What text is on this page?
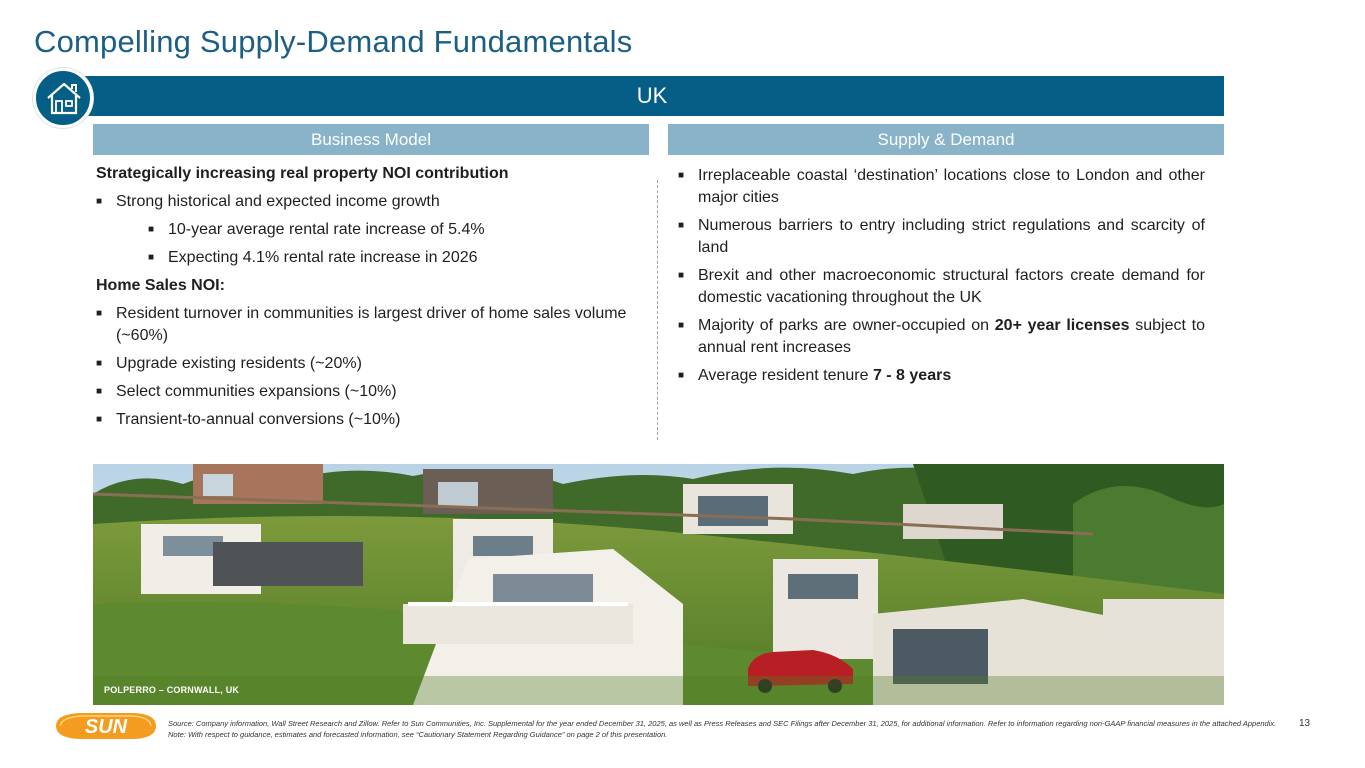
Compelling Supply-Demand Fundamentals
UK
Business Model	Supply & Demand
Strategically increasing real property NOI contribution
■ Strong historical and expected income growth
■ 10-year average rental rate increase of 5.4%
■ Expecting 4.1% rental rate increase in 2026
Home Sales NOI:
■ Resident turnover in communities is largest driver of home sales volume (~60%)
■ Upgrade existing residents (~20%)
■ Select communities expansions (~10%)
■ Transient-to-annual conversions (~10%)
■ Irreplaceable coastal ‘destination’ locations close to London and other major cities
■ Numerous barriers to entry including strict regulations and scarcity of land
■ Brexit and other macroeconomic structural factors create demand for domestic vacationing throughout the UK
■ Majority of parks are owner-occupied on 20+ year licenses subject to annual rent increases
■ Average resident tenure 7 - 8 years
POLPERRO – CORNWALL, UK
SUN	Source: Company information, Wall Street Research and Zillow. Refer to Sun Communities, Inc. Supplemental for the year ended December 31, 2025, as well as Press Releases and SEC Filings after December 31, 2025, for additional information. Refer to information regarding non-GAAP financial measures in the attached Appendix.
Note: With respect to guidance, estimates and forecasted information, see “Cautionary Statement Regarding Guidance” on page 2 of this presentation.
13
